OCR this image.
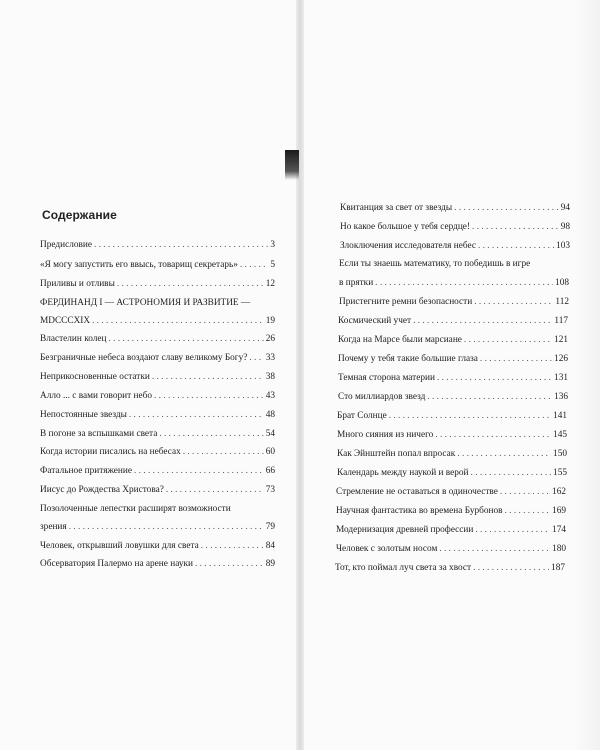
Содержание
Предисловие . . .	3
«Я могу запустить его ввысь, товарищ секретарь» . . .	5
Приливы и отливы . . .	12
ФЕРДИНАНД I — АСТРОНОМИЯ И РАЗВИТИЕ —
MDCCCXIX . . .	19
Властелин колец . . .	26
Безграничные небеса воздают славу великому Богу? . . . 33
Неприкосновенные остатки . . .	38
Алло ... с вами говорит небо . . .	43
Непостоянные звезды . . .	48
В погоне за вспышками света . . .	54
Когда истории писались на небесах . . .	60
Фатальное притяжение . . .	66
Иисус до Рождества Христова? . . .	73
Позолоченные лепестки расширят возможности
зрения . . .	79
Человек, открывший ловушки для света . . .	84
Обсерватория Палермо на арене науки . . .	89
Квитанция за свет от звезды . . .	94
Но какое большое у тебя сердце! . . .	98
Злоключения исследователя небес . . .	103
Если ты знаешь математику, то победишь в игре
в прятки . . .	108
Пристегните ремни безопасности . . .	112
Космический учет . . .	117
Когда на Марсе были марсиане . . .	121
Почему у тебя такие большие глаза . . .	126
Темная сторона материи . . .	131
Сто миллиардов звезд . . .	136
Брат Солнце . . .	141
Много сияния из ничего . . .	145
Как Эйнштейн попал впросак . . .	150
Календарь между наукой и верой . . .	155
Стремление не оставаться в одиночестве . . .	162
Научная фантастика во времена Бурбонов . . .	169
Модернизация древней профессии . . .	174
Человек с золотым носом . . .	180
Тот, кто поймал луч света за хвост . . .	187
